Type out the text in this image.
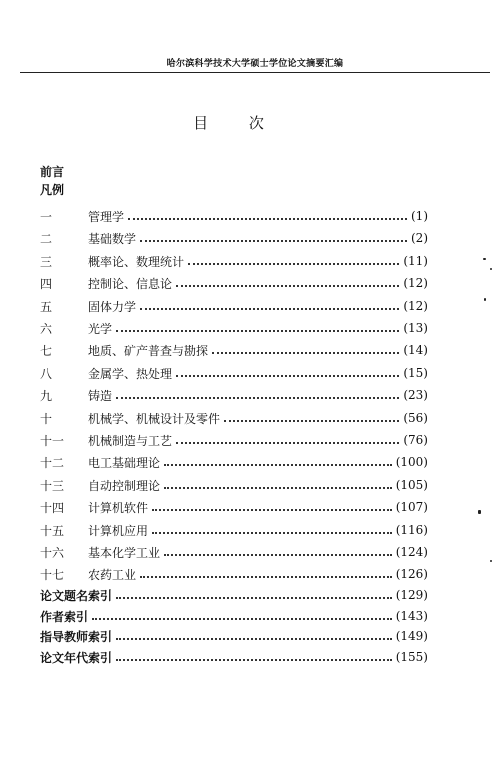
哈尔滨科学技术大学硕士学位论文摘要汇编
目 次
前言
凡例
一	管理学	(1)
二	基础数学	(2)
三	概率论、数理统计	(11)
四	控制论、信息论	(12)
五	固体力学	(12)
六	光学	(13)
七	地质、矿产普查与勘探	(14)
八	金属学、热处理	(15)
九	铸造	(23)
十	机械学、机械设计及零件	(56)
十一	机械制造与工艺	(76)
十二	电工基础理论	(100)
十三	自动控制理论	(105)
十四	计算机软件	(107)
十五	计算机应用	(116)
十六	基本化学工业	(124)
十七	农药工业	(126)
论文题名索引	(129)
作者索引	(143)
指导教师索引	(149)
论文年代索引	(155)
